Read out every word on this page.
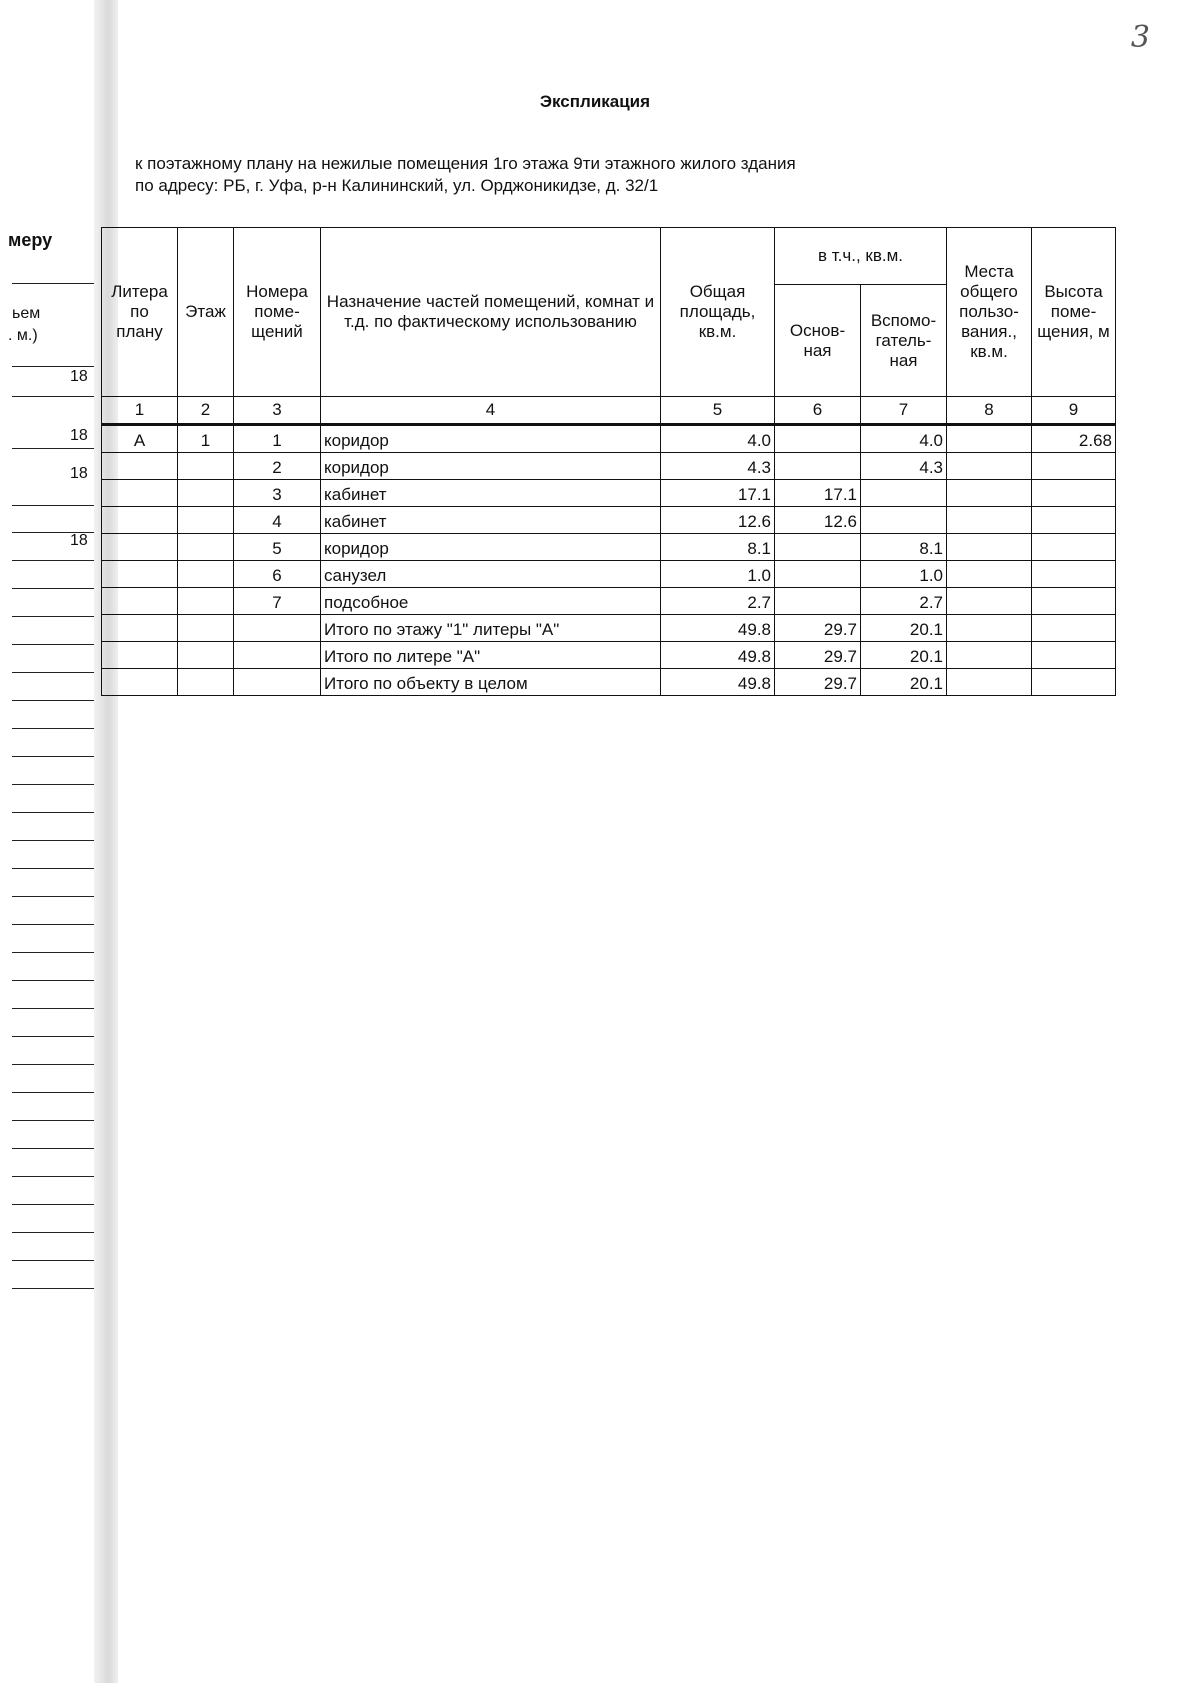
меру
ьем
. м.)
18
18
18
18
3
Экспликация
к поэтажному плану на нежилые помещения 1го этажа 9ти этажного жилого здания
по адресу: РБ, г. Уфа, р-н Калининский, ул. Орджоникидзе, д. 32/1
Литера по плану	Этаж	Номера поме-щений	Назначение частей помещений, комнат и т.д. по фактическому использованию	Общая площадь, кв.м.	в т.ч., кв.м.		Места общего пользо-вания., кв.м.	Высота поме-щения, м
					Основ-ная	Вспомо-гатель-ная		
1	2	3	4	5	6	7	8	9
А	1	1	коридор	4.0		4.0		2.68
		2	коридор	4.3		4.3		
		3	кабинет	17.1	17.1			
		4	кабинет	12.6	12.6			
		5	коридор	8.1		8.1		
		6	санузел	1.0		1.0		
		7	подсобное	2.7		2.7		
			Итого по этажу "1" литеры "А"	49.8	29.7	20.1		
			Итого по литере "А"	49.8	29.7	20.1		
			Итого по объекту в целом	49.8	29.7	20.1		
